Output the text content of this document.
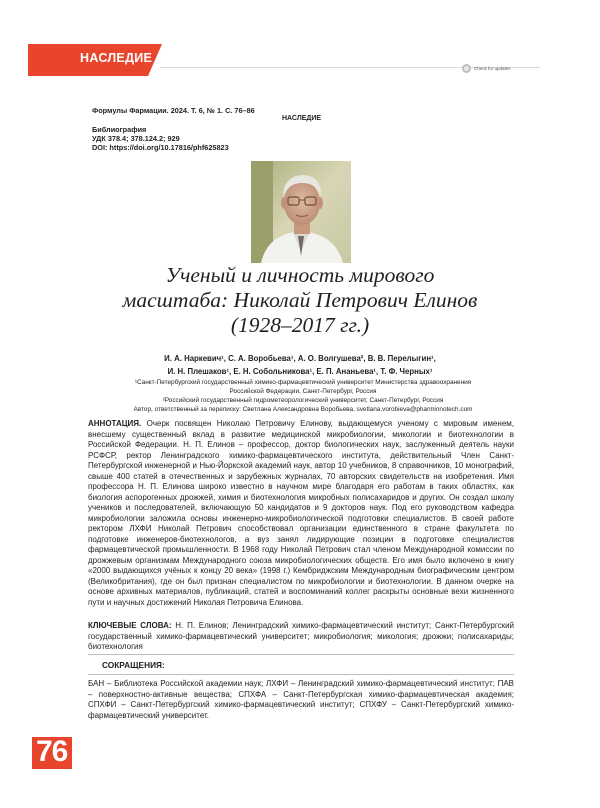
НАСЛЕДИЕ
Check for updates
Формулы Фармации. 2024. Т. 6, № 1. С. 76–86
НАСЛЕДИЕ
Библиография
УДК 378.4; 378.124.2; 929
DOI: https://doi.org/10.17816/phf625823
Ученый и личность мирового
масштаба: Николай Петрович Елинов
(1928–2017 гг.)
И. А. Наркевич¹, С. А. Воробьева¹, А. О. Волгушева², В. В. Перелыгин¹,
И. Н. Плешаков¹, Е. Н. Собольникова¹, Е. П. Ананьева¹, Т. Ф. Черных¹
¹Санкт-Петербургский государственный химико-фармацевтический университет Министерства здравоохранения
Российской Федерации, Санкт-Петербург, Россия
²Российский государственный гидрометеорологический университет, Санкт-Петербург, Россия
Автор, ответственный за переписку: Светлана Александровна Воробьева, svetlana.vorobieva@pharminnotech.com
АННОТАЦИЯ. Очерк посвящен Николаю Петровичу Елинову, выдающемуся ученому с мировым именем, внесшему существенный вклад в развитие медицинской микробиологии, микологии и биотехнологии в Российской Федерации. Н. П. Елинов – профессор, доктор биологических наук, заслуженный деятель науки РСФСР, ректор Ленинградского химико-фармацевтического института, действительный Член Санкт-Петербургской инженерной и Нью-Йоркской академий наук, автор 10 учебников, 8 справочников, 10 монографий, свыше 400 статей в отечественных и зарубежных журналах, 70 авторских свидетельств на изобретения. Имя профессора Н. П. Елинова широко известно в научном мире благодаря его работам в таких областях, как биология аспорогенных дрожжей, химия и биотехнология микробных полисахаридов и других. Он создал школу учеников и последователей, включающую 50 кандидатов и 9 докторов наук. Под его руководством кафедра микробиологии заложила основы инженерно-микробиологической подготовки специалистов. В своей работе ректором ЛХФИ Николай Петрович способствовал организации единственного в стране факультета по подготовке инженеров-биотехнологов, а вуз занял лидирующие позиции в подготовке специалистов фармацевтической промышленности. В 1968 году Николай Петрович стал членом Международной комиссии по дрожжевым организмам Международного союза микробиологических обществ. Его имя было включено в книгу «2000 выдающихся учёных к концу 20 века» (1998 г.) Кембриджским Международным биографическим центром (Великобритания), где он был признан специалистом по микробиологии и биотехнологии. В данном очерке на основе архивных материалов, публикаций, статей и воспоминаний коллег раскрыты основные вехи жизненного пути и научных достижений Николая Петровича Елинова.
КЛЮЧЕВЫЕ СЛОВА: Н. П. Елинов; Ленинградский химико-фармацевтический институт; Санкт-Петербургский государственный химико-фармацевтический университет; микробиология; микология; дрожжи; полисахариды; биотехнология
СОКРАЩЕНИЯ:
БАН – Библиотека Российской академии наук; ЛХФИ – Ленинградский химико-фармацевтический институт; ПАВ – поверхностно-активные вещества; СПХФА – Санкт-Петербургская химико-фармацевтическая академия; СПХФИ – Санкт-Петербургский химико-фармацевтический институт; СПХФУ – Санкт-Петербургский химико-фармацевтический университет.
76
